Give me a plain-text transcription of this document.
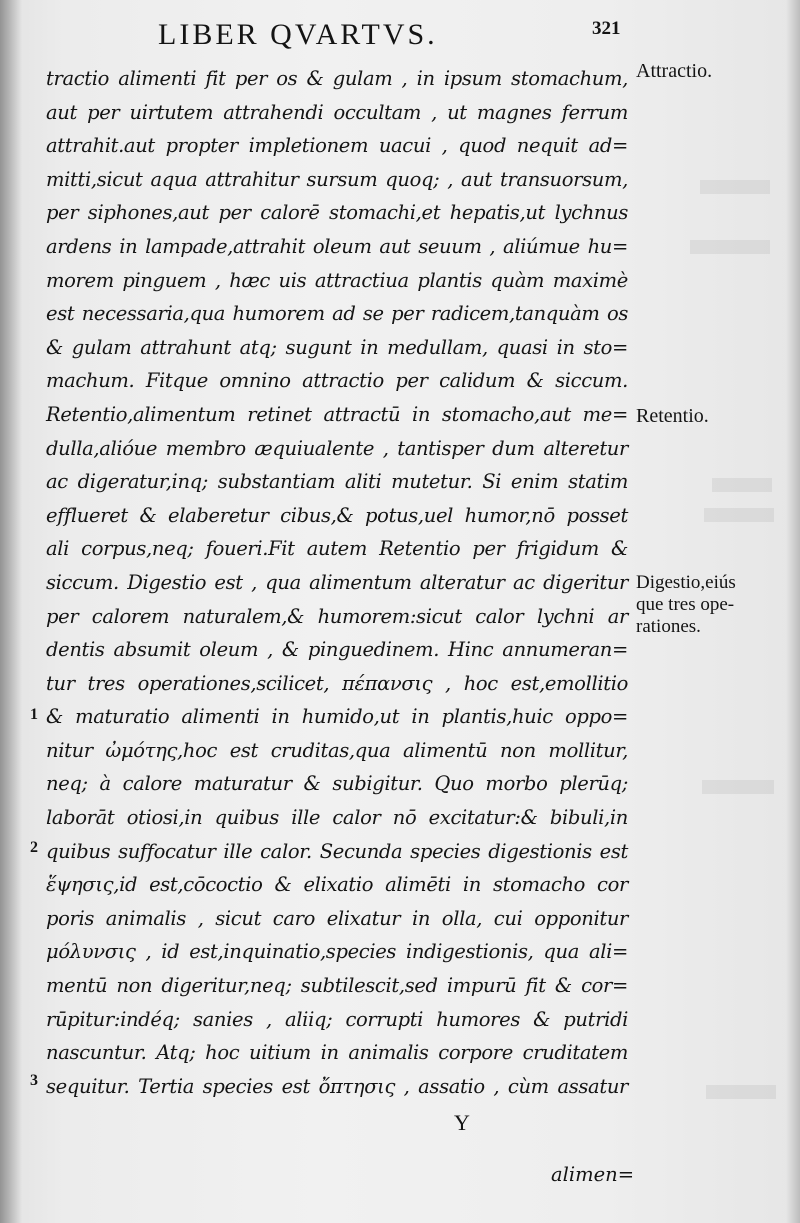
LIBER QVARTVS.	321
tractio alimenti fit per os & gulam , in ipsum stomachum,
aut per uirtutem attrahendi occultam , ut magnes ferrum
attrahit.aut propter impletionem uacui , quod nequit ad=
mitti,sicut aqua attrahitur sursum quoq; , aut transuorsum,
per siphones,aut per calorē stomachi,et hepatis,ut lychnus
ardens in lampade,attrahit oleum aut seuum , aliúmue hu=
morem pinguem , hæc uis attractiua plantis quàm maximè
est necessaria,qua humorem ad se per radicem,tanquàm os
& gulam attrahunt atq; sugunt in medullam, quasi in sto=
machum. Fitque omnino attractio per calidum & siccum.
Retentio,alimentum retinet attractū in stomacho,aut me=
dulla,alióue membro æquiualente , tantisper dum alteretur
ac digeratur,inq; substantiam aliti mutetur. Si enim statim
efflueret & elaberetur cibus,& potus,uel humor,nō posset
ali corpus,neq; foueri.Fit autem Retentio per frigidum &
siccum. Digestio est , qua alimentum alteratur ac digeritur
per calorem naturalem,& humorem:sicut calor lychni ar
dentis absumit oleum , & pinguedinem. Hinc annumeran=
tur tres operationes,scilicet, πέπανσις , hoc est,emollitio
& maturatio alimenti in humido,ut in plantis,huic oppo=
nitur ὠμότης,hoc est cruditas,qua alimentū non mollitur,
neq; à calore maturatur & subigitur. Quo morbo plerūq;
laborāt otiosi,in quibus ille calor nō excitatur:& bibuli,in
quibus suffocatur ille calor. Secunda species digestionis est
ἕψησις,id est,cōcoctio & elixatio alimēti in stomacho cor
poris animalis , sicut caro elixatur in olla, cui opponitur
μόλυνσις , id est,inquinatio,species indigestionis, qua ali=
mentū non digeritur,neq; subtilescit,sed impurū fit & cor=
rūpitur:indéq; sanies , aliiq; corrupti humores & putridi
nascuntur. Atq; hoc uitium in animalis corpore cruditatem
sequitur. Tertia species est ὄπτησις , assatio , cùm assatur
1
2
3
Attractio.
Retentio.
Digestio,eiús
que tres ope-
rationes.
Y
alimen=
